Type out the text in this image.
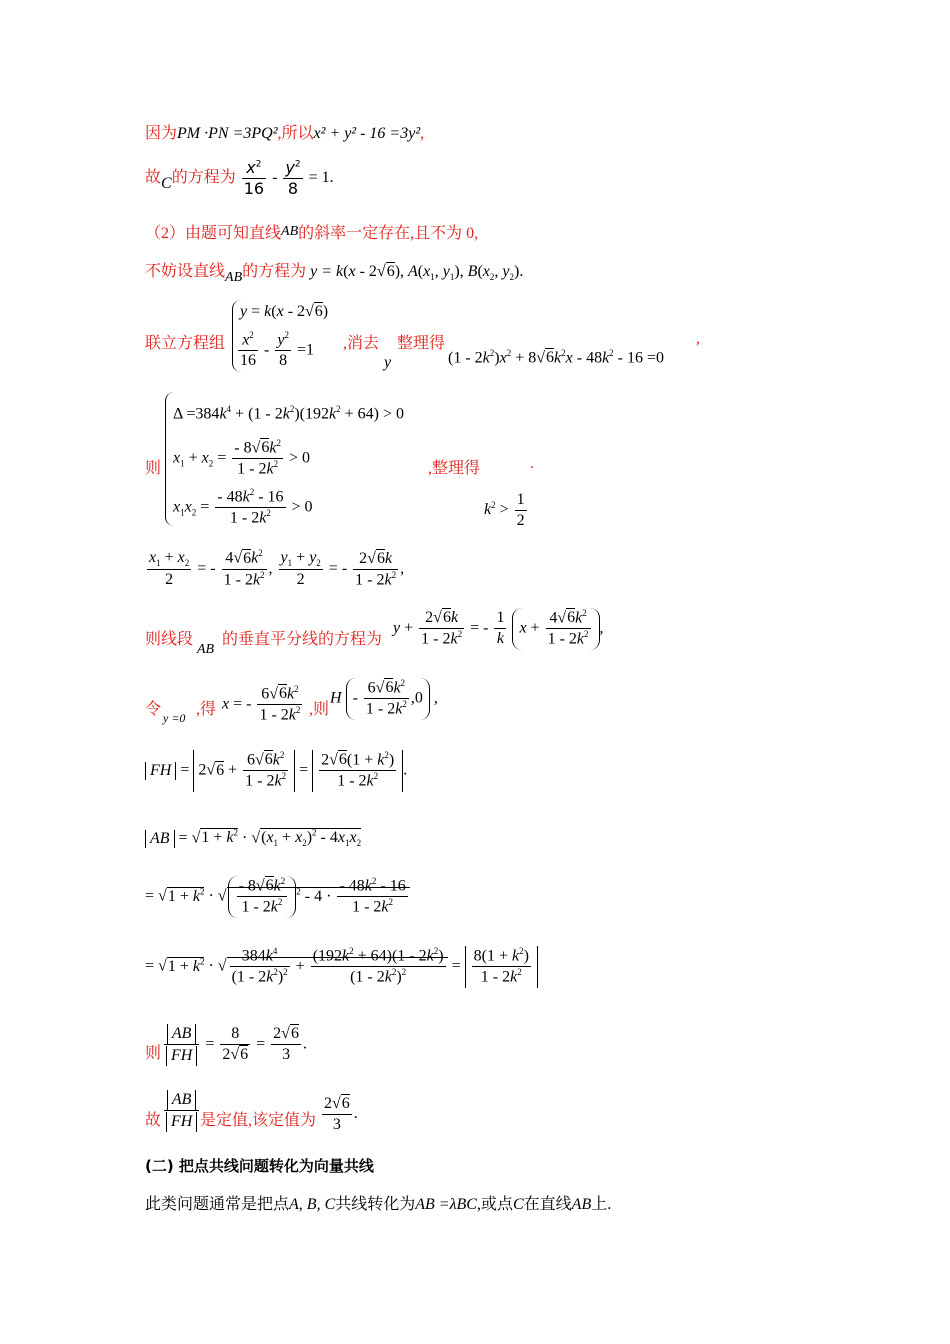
因为PM ·PN =3PQ²,所以x² + y² - 16 =3y²,
故C的方程为 $\frac{x^2}{16} - \frac{y^2}{8} = 1$.
（2）由题可知直线AB的斜率一定存在,且不为 0,
不妨设直线AB的方程为 y = k(x - 2√6), $A(x_1$, $y_1$), $B(x_2$, $y_2$).
y = k(x - 2√6)
$\frac{x^2}{16} - \frac{y^2}{8} =1$
联立方程组	,消去
y
整理得
$(1 - 2k^2)x^2 + 8√6k^2x - 48k^2 - 16 =0$
,
$\Delta =384k^4 + (1 - 2k^2)(192k^2 + 64) > 0$
$x_1 + x_2 = \frac{- 8√6k^2}{1 - 2k^2} > 0$
$x_1x_2 = \frac{- 48k^2 - 16}{1 - 2k^2} > 0$
则	,整理得	.
$k^2 > \frac{1}{2}$
$\frac{x_1 + x_2}{2}$ = - $\frac{4√6k^2}{1 - 2k^2}$ , $\frac{y_1 + y_2}{2}$ = - $\frac{2√6k}{1 - 2k^2}$ ,
则线段
AB
的垂直平分线的方程为
$y + \frac{2√6k}{1 - 2k^2}$ = - $\frac{1}{k}$ $x + \frac{4√6k^2}{1 - 2k^2}$ ,
令 y =0 ,得 x = - $\frac{6√6k^2}{1 - 2k^2}$ ,则
H - $\frac{6√6k^2}{1 - 2k^2} ,0$ ,
FH = $2√6 + \frac{6√6k^2}{1 - 2k^2} = \frac{2√6(1 + k^2)}{1 - 2k^2}$ .
AB = $√1 + k^2 \cdot √(x_1 + x_2)^2 - 4x_1x_2$
= $√1 + k^2$ · √ $\frac{- 8√6k^2}{1 - 2k^2} ^2 - 4 \cdot \frac{- 48k^2 - 16}{1 - 2k^2}$
= $√1 + k^2$ · √ $\frac{384k^4}{(1 - 2k^2)^2} + \frac{(192k^2 + 64)(1 - 2k^2)}{(1 - 2k^2)^2} = \frac{8(1 + k^2)}{1 - 2k^2}$
则 $\frac{AB}{FH} = \frac{8}{2√6} = \frac{2√6}{3}$ .
故 $\frac{AB}{FH}$ 是定值,该定值为 $\frac{2√6}{3}$ .
(二) 把点共线问题转化为向量共线
此类问题通常是把点A, B, C共线转化为AB =λBC,或点C在直线AB上.
